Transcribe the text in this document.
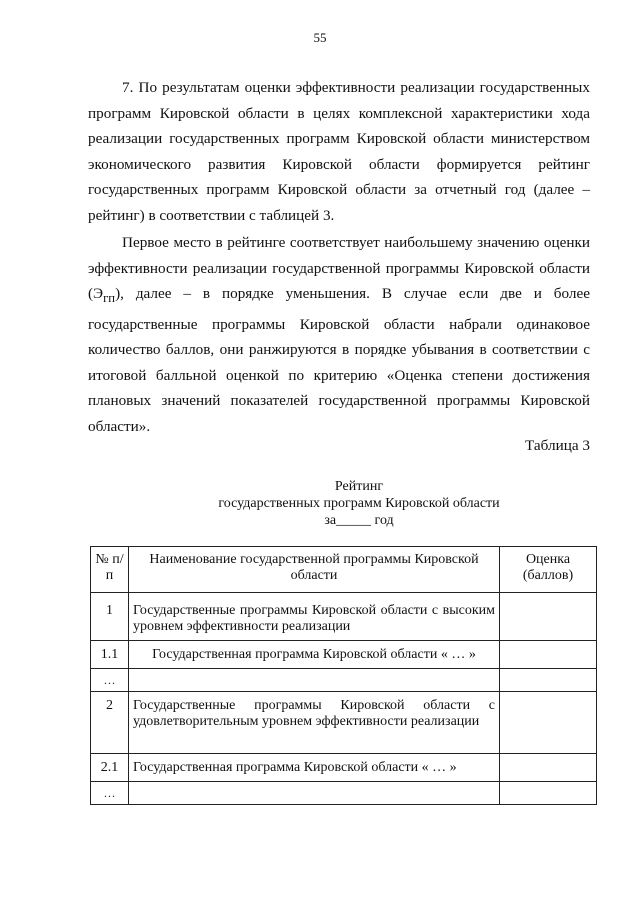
55

7. По результатам оценки эффективности реализации государственных программ Кировской области в целях комплексной характеристики хода реализации государственных программ Кировской области министерством экономического развития Кировской области формируется рейтинг государственных программ Кировской области за отчетный год (далее – рейтинг) в соответствии с таблицей 3.

Первое место в рейтинге соответствует наибольшему значению оценки эффективности реализации государственной программы Кировской области $(Э_{гп})$, далее – в порядке уменьшения. В случае если две и более государственные программы Кировской области набрали одинаковое количество баллов, они ранжируются в порядке убывания в соответствии с итоговой балльной оценкой по критерию «Оценка степени достижения плановых значений показателей государственной программы Кировской области».

Таблица 3

Рейтинг
государственных программ Кировской области
за_____ год
№ п/п	Наименование государственной программы Кировской области	Оценка (баллов)
1	Государственные программы Кировской области с высоким уровнем эффективности реализации	
1.1	Государственная программа Кировской области « … »	
…		
2	Государственные программы Кировской области с удовлетворительным уровнем эффективности реализации	
2.1	Государственная программа Кировской области « … »	
…		
